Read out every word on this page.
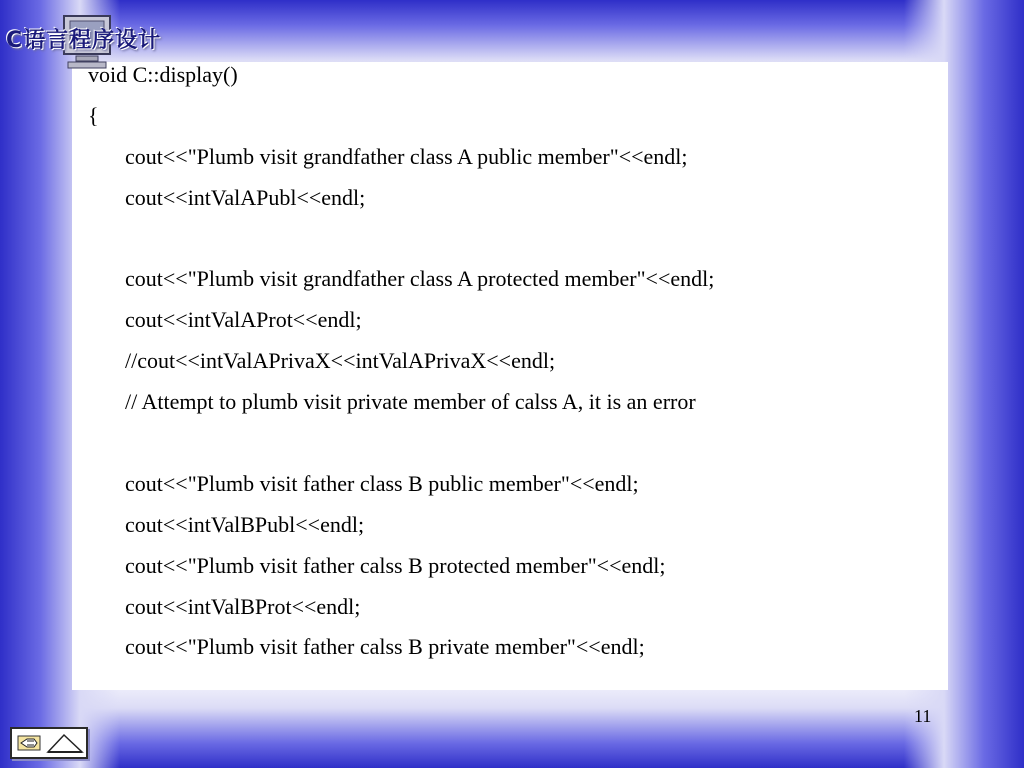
C语言程序设计
void C::display()
{
cout<<"Plumb visit grandfather class A public member"<<endl;
cout<<intValAPubl<<endl;
cout<<"Plumb visit grandfather class A protected member"<<endl;
cout<<intValAProt<<endl;
//cout<<intValAPrivaX<<intValAPrivaX<<endl;
// Attempt to plumb visit private member of calss A, it is an error
cout<<"Plumb visit father class B public member"<<endl;
cout<<intValBPubl<<endl;
cout<<"Plumb visit father calss B protected member"<<endl;
cout<<intValBProt<<endl;
cout<<"Plumb visit father calss B private member"<<endl;
11
